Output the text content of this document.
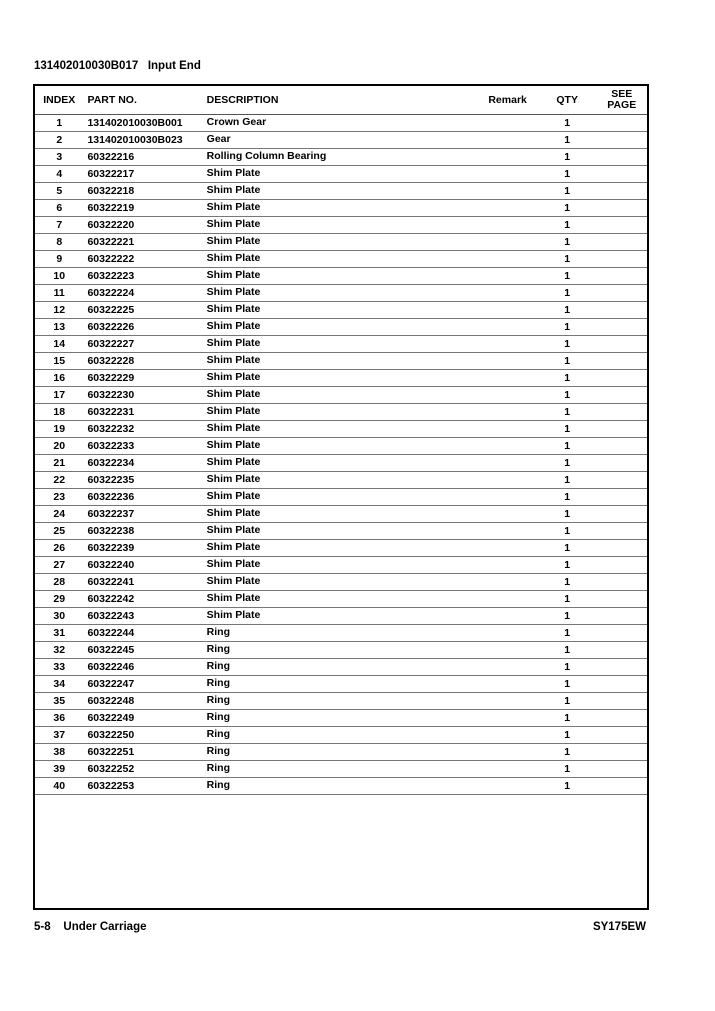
131402010030B017   Input End
INDEX	PART NO.	DESCRIPTION	Remark	QTY	SEE
PAGE
1	131402010030B001	Crown Gear		1	
2	131402010030B023	Gear		1	
3	60322216	Rolling Column Bearing		1	
4	60322217	Shim Plate		1	
5	60322218	Shim Plate		1	
6	60322219	Shim Plate		1	
7	60322220	Shim Plate		1	
8	60322221	Shim Plate		1	
9	60322222	Shim Plate		1	
10	60322223	Shim Plate		1	
11	60322224	Shim Plate		1	
12	60322225	Shim Plate		1	
13	60322226	Shim Plate		1	
14	60322227	Shim Plate		1	
15	60322228	Shim Plate		1	
16	60322229	Shim Plate		1	
17	60322230	Shim Plate		1	
18	60322231	Shim Plate		1	
19	60322232	Shim Plate		1	
20	60322233	Shim Plate		1	
21	60322234	Shim Plate		1	
22	60322235	Shim Plate		1	
23	60322236	Shim Plate		1	
24	60322237	Shim Plate		1	
25	60322238	Shim Plate		1	
26	60322239	Shim Plate		1	
27	60322240	Shim Plate		1	
28	60322241	Shim Plate		1	
29	60322242	Shim Plate		1	
30	60322243	Shim Plate		1	
31	60322244	Ring		1	
32	60322245	Ring		1	
33	60322246	Ring		1	
34	60322247	Ring		1	
35	60322248	Ring		1	
36	60322249	Ring		1	
37	60322250	Ring		1	
38	60322251	Ring		1	
39	60322252	Ring		1	
40	60322253	Ring		1	
5-8    Under Carriage	SY175EW
